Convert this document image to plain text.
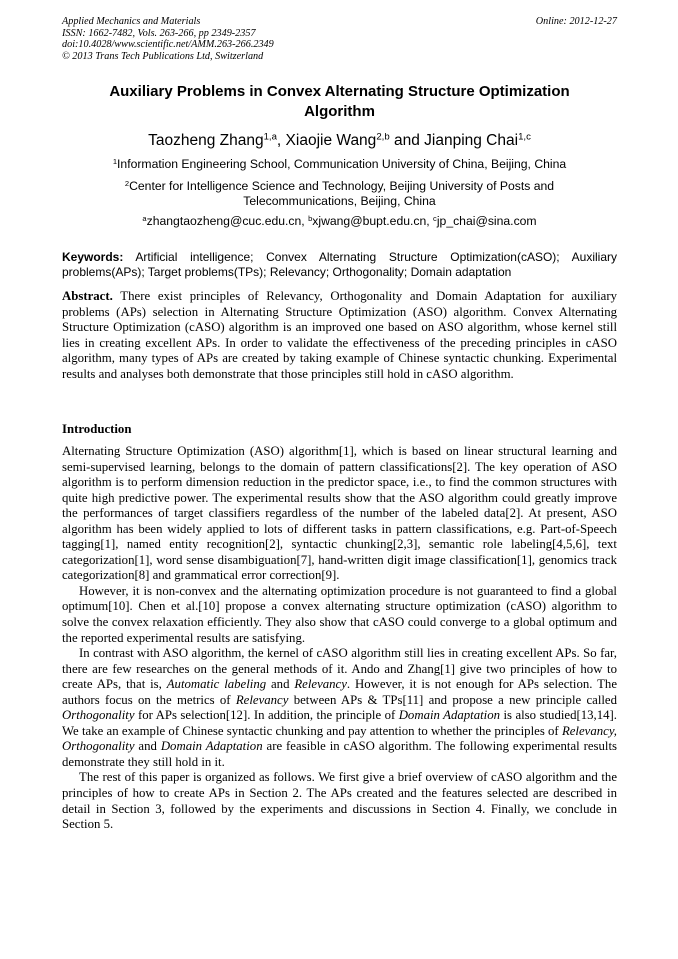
Applied Mechanics and Materials
ISSN: 1662-7482, Vols. 263-266, pp 2349-2357
doi:10.4028/www.scientific.net/AMM.263-266.2349
© 2013 Trans Tech Publications Ltd, Switzerland
Online: 2012-12-27
Auxiliary Problems in Convex Alternating Structure Optimization
Algorithm
Taozheng Zhang$^{1,a}$, Xiaojie Wang$^{2,b}$ and Jianping Chai$^{1,c}$
$^1$Information Engineering School, Communication University of China, Beijing, China
$^2$Center for Intelligence Science and Technology, Beijing University of Posts and
Telecommunications, Beijing, China
$^a$zhangtaozheng@cuc.edu.cn, $^b$xjwang@bupt.edu.cn, $^c$jp_chai@sina.com
Keywords: Artificial intelligence; Convex Alternating Structure Optimization(cASO); Auxiliary problems(APs); Target problems(TPs); Relevancy; Orthogonality; Domain adaptation
Abstract. There exist principles of Relevancy, Orthogonality and Domain Adaptation for auxiliary problems (APs) selection in Alternating Structure Optimization (ASO) algorithm. Convex Alternating Structure Optimization (cASO) algorithm is an improved one based on ASO algorithm, whose kernel still lies in creating excellent APs. In order to validate the effectiveness of the preceding principles in cASO algorithm, many types of APs are created by taking example of Chinese syntactic chunking. Experimental results and analyses both demonstrate that those principles still hold in cASO algorithm.
Introduction

Alternating Structure Optimization (ASO) algorithm[1], which is based on linear structural learning and semi-supervised learning, belongs to the domain of pattern classifications[2]. The key operation of ASO algorithm is to perform dimension reduction in the predictor space, i.e., to find the common structures with quite high predictive power. The experimental results show that the ASO algorithm could greatly improve the performances of target classifiers regardless of the number of the labeled data[2]. At present, ASO algorithm has been widely applied to lots of different tasks in pattern classifications, e.g. Part-of-Speech tagging[1], named entity recognition[2], syntactic chunking[2,3], semantic role labeling[4,5,6], text categorization[1], word sense disambiguation[7], hand-written digit image classification[1], genomics track categorization[8] and grammatical error correction[9].

However, it is non-convex and the alternating optimization procedure is not guaranteed to find a global optimum[10]. Chen et al.[10] propose a convex alternating structure optimization (cASO) algorithm to solve the convex relaxation efficiently. They also show that cASO could converge to a global optimum and the reported experimental results are satisfying.

In contrast with ASO algorithm, the kernel of cASO algorithm still lies in creating excellent APs. So far, there are few researches on the general methods of it. Ando and Zhang[1] give two principles of how to create APs, that is, Automatic labeling and Relevancy. However, it is not enough for APs selection. The authors focus on the metrics of Relevancy between APs & TPs[11] and propose a new principle called Orthogonality for APs selection[12]. In addition, the principle of Domain Adaptation is also studied[13,14]. We take an example of Chinese syntactic chunking and pay attention to whether the principles of Relevancy, Orthogonality and Domain Adaptation are feasible in cASO algorithm. The following experimental results demonstrate they still hold in it.

The rest of this paper is organized as follows. We first give a brief overview of cASO algorithm and the principles of how to create APs in Section 2. The APs created and the features selected are described in detail in Section 3, followed by the experiments and discussions in Section 4. Finally, we conclude in Section 5.
